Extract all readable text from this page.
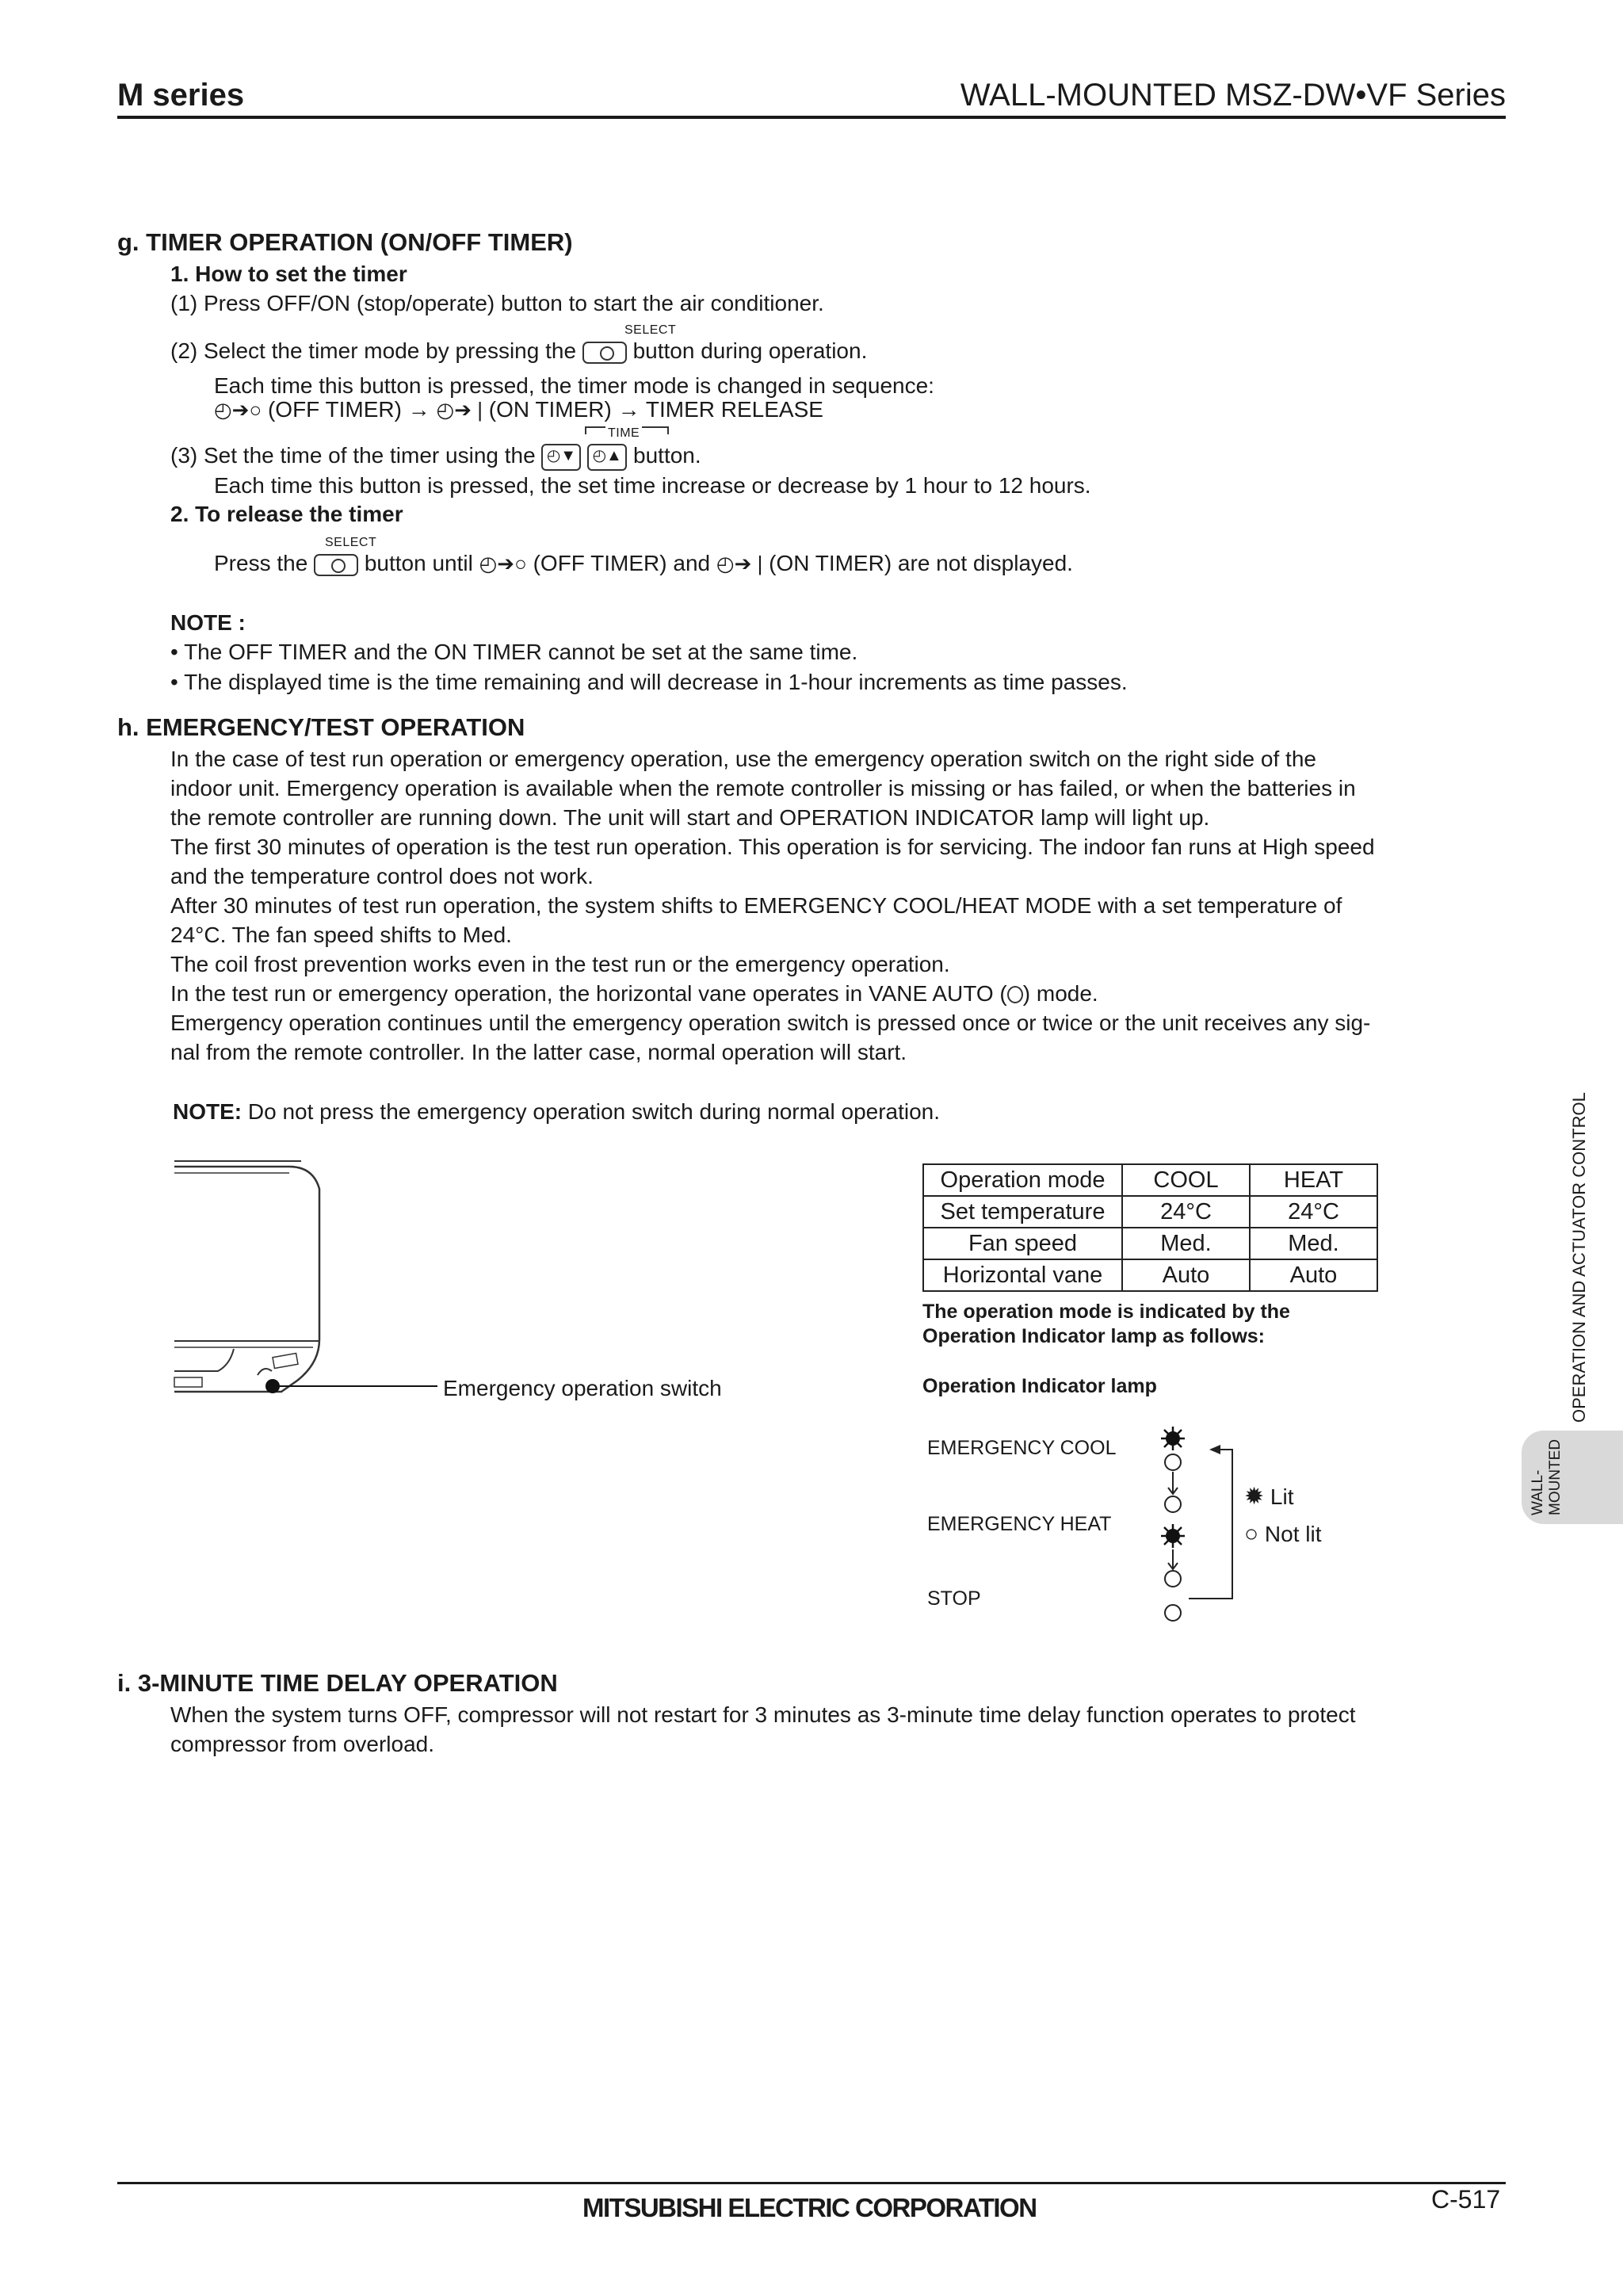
M series	WALL-MOUNTED MSZ-DW•VF Series
g. TIMER OPERATION (ON/OFF TIMER)
1. How to set the timer
(1) Press OFF/ON (stop/operate) button to start the air conditioner.
SELECT
(2) Select the timer mode by pressing the	button during operation.
Each time this button is pressed, the timer mode is changed in sequence:
◴➔○ (OFF TIMER) → ◴➔ | (ON TIMER) → TIMER RELEASE
TIME
(3) Set the time of the timer using the ◴▼ ◴▲ button.
Each time this button is pressed, the set time increase or decrease by 1 hour to 12 hours.
2. To release the timer
SELECT
Press the	button until ◴➔○ (OFF TIMER) and ◴➔ | (ON TIMER) are not displayed.
NOTE :
• The OFF TIMER and the ON TIMER cannot be set at the same time.
• The displayed time is the time remaining and will decrease in 1-hour increments as time passes.
h. EMERGENCY/TEST OPERATION
In the case of test run operation or emergency operation, use the emergency operation switch on the right side of the
indoor unit. Emergency operation is available when the remote controller is missing or has failed, or when the batteries in
the remote controller are running down. The unit will start and OPERATION INDICATOR lamp will light up.
The first 30 minutes of operation is the test run operation. This operation is for servicing. The indoor fan runs at High speed
and the temperature control does not work.
After 30 minutes of test run operation, the system shifts to EMERGENCY COOL/HEAT MODE with a set temperature of
24°C. The fan speed shifts to Med.
The coil frost prevention works even in the test run or the emergency operation.
In the test run or emergency operation, the horizontal vane operates in VANE AUTO ( ) mode.
Emergency operation continues until the emergency operation switch is pressed once or twice or the unit receives any sig-
nal from the remote controller. In the latter case, normal operation will start.
NOTE: Do not press the emergency operation switch during normal operation.
Emergency operation switch
Operation mode	COOL	HEAT
Set temperature	24°C	24°C
Fan speed	Med.	Med.
Horizontal vane	Auto	Auto
The operation mode is indicated by the
Operation Indicator lamp as follows:
Operation Indicator lamp
EMERGENCY COOL
EMERGENCY HEAT
STOP
✹ Lit
○ Not lit
i. 3-MINUTE TIME DELAY OPERATION
When the system turns OFF, compressor will not restart for 3 minutes as 3-minute time delay function operates to protect
compressor from overload.
OPERATION AND ACTUATOR CONTROL
WALL- MOUNTED
MITSUBISHI ELECTRIC CORPORATION	C-517
